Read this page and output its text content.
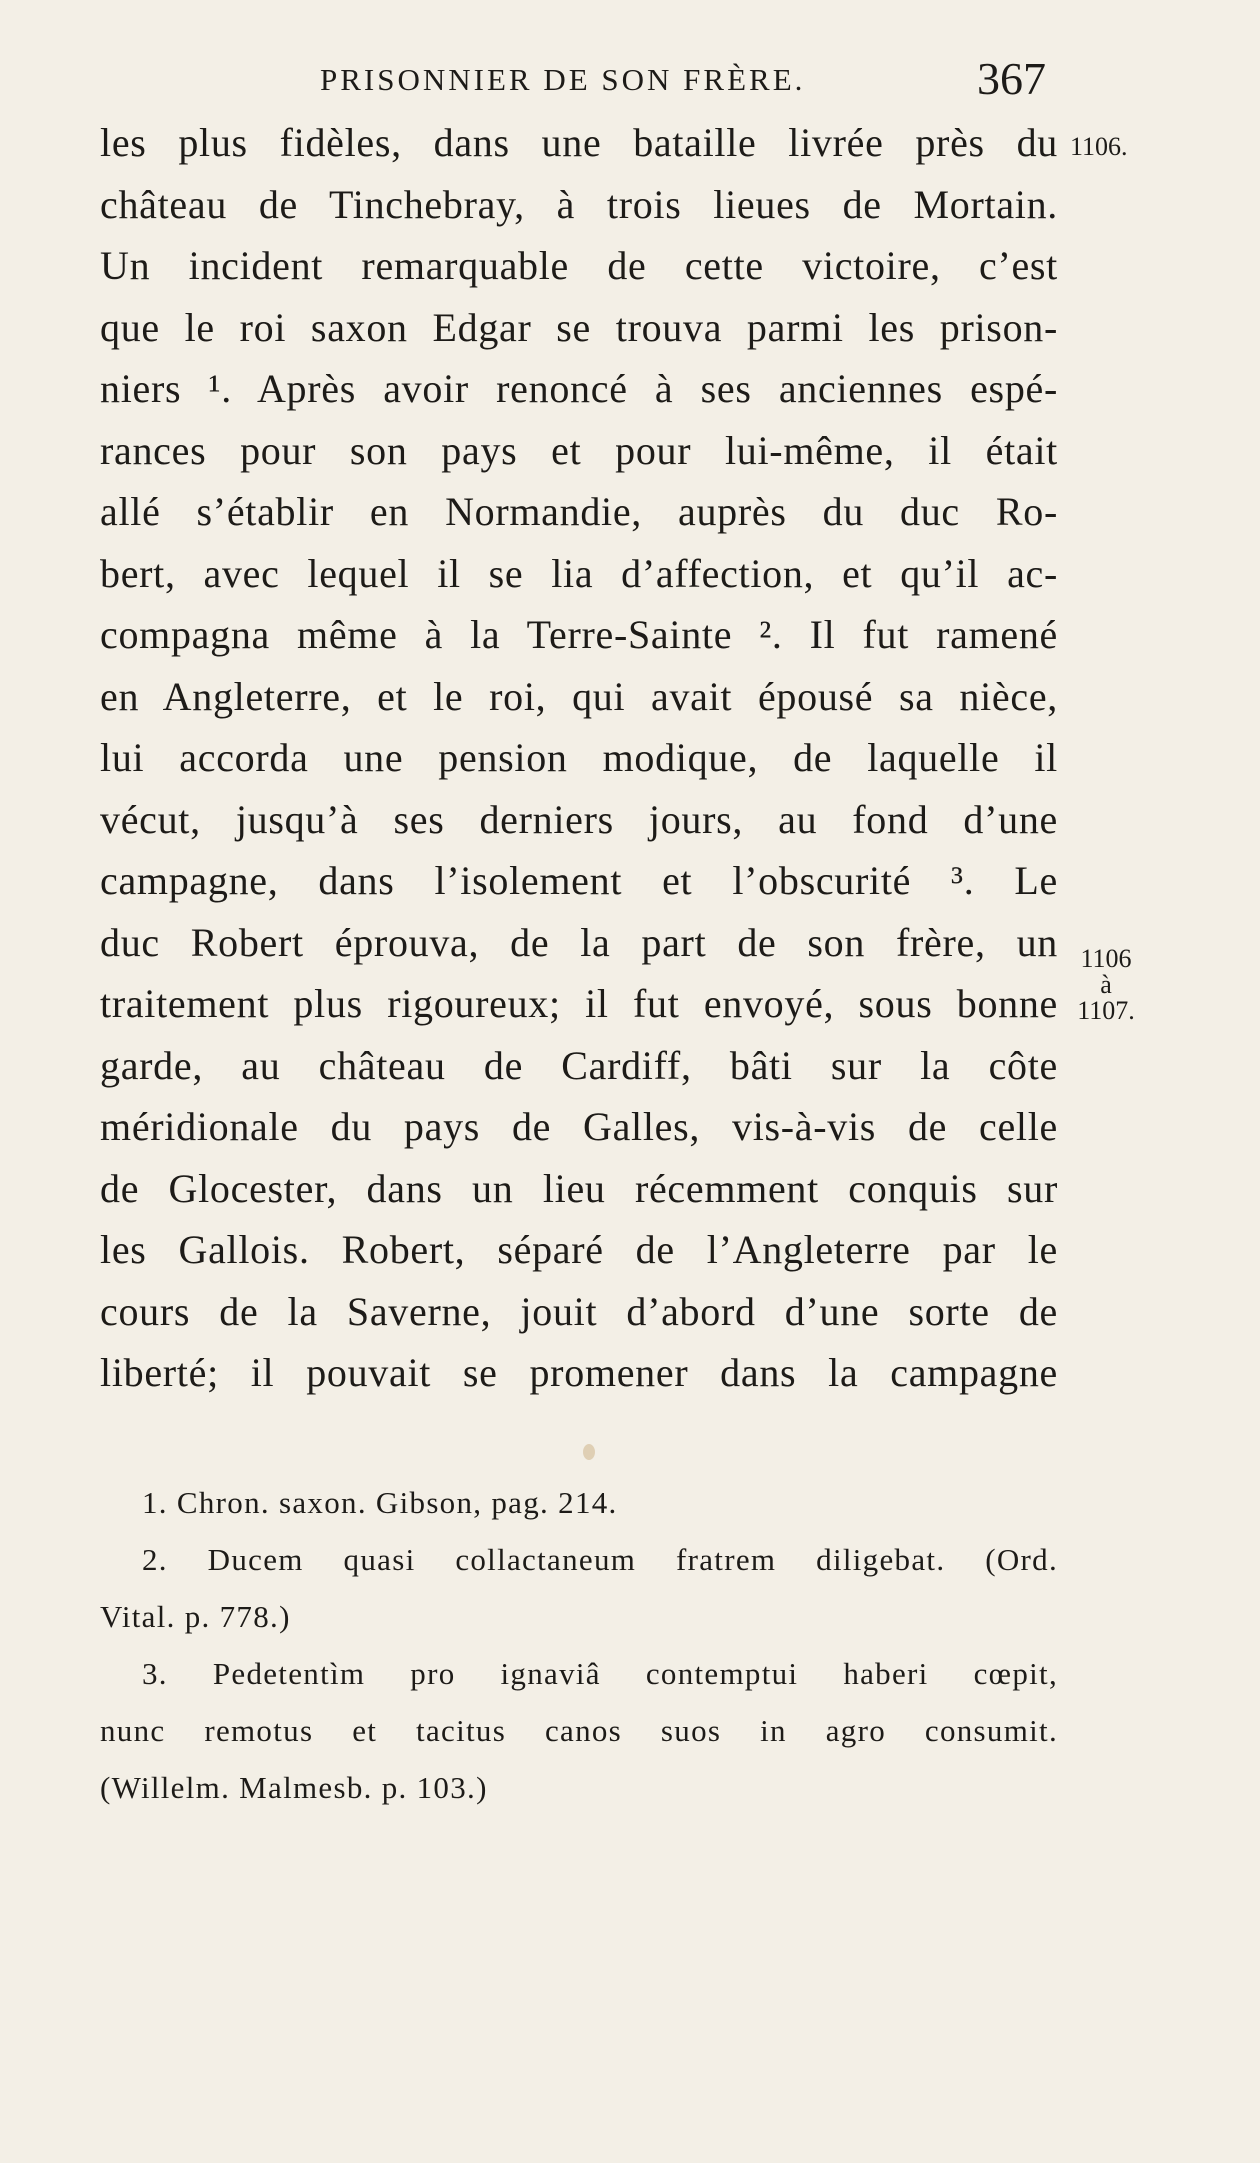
PRISONNIER DE SON FRÈRE.	367
les plus fidèles, dans une bataille livrée près du
château de Tinchebray, à trois lieues de Mortain.
Un incident remarquable de cette victoire, c’est
que le roi saxon Edgar se trouva parmi les prison-
niers ¹. Après avoir renoncé à ses anciennes espé-
rances pour son pays et pour lui-même, il était
allé s’établir en Normandie, auprès du duc Ro-
bert, avec lequel il se lia d’affection, et qu’il ac-
compagna même à la Terre-Sainte ². Il fut ramené
en Angleterre, et le roi, qui avait épousé sa nièce,
lui accorda une pension modique, de laquelle il
vécut, jusqu’à ses derniers jours, au fond d’une
campagne, dans l’isolement et l’obscurité ³. Le
duc Robert éprouva, de la part de son frère, un
traitement plus rigoureux; il fut envoyé, sous bonne
garde, au château de Cardiff, bâti sur la côte
méridionale du pays de Galles, vis-à-vis de celle
de Glocester, dans un lieu récemment conquis sur
les Gallois. Robert, séparé de l’Angleterre par le
cours de la Saverne, jouit d’abord d’une sorte de
liberté; il pouvait se promener dans la campagne
1106.
1106
à
1107.
1. Chron. saxon. Gibson, pag. 214.
2. Ducem quasi collactaneum fratrem diligebat. (Ord.
Vital. p. 778.)
3. Pedetentìm pro ignaviâ contemptui haberi cœpit,
nunc remotus et tacitus canos suos in agro consumit.
(Willelm. Malmesb. p. 103.)
